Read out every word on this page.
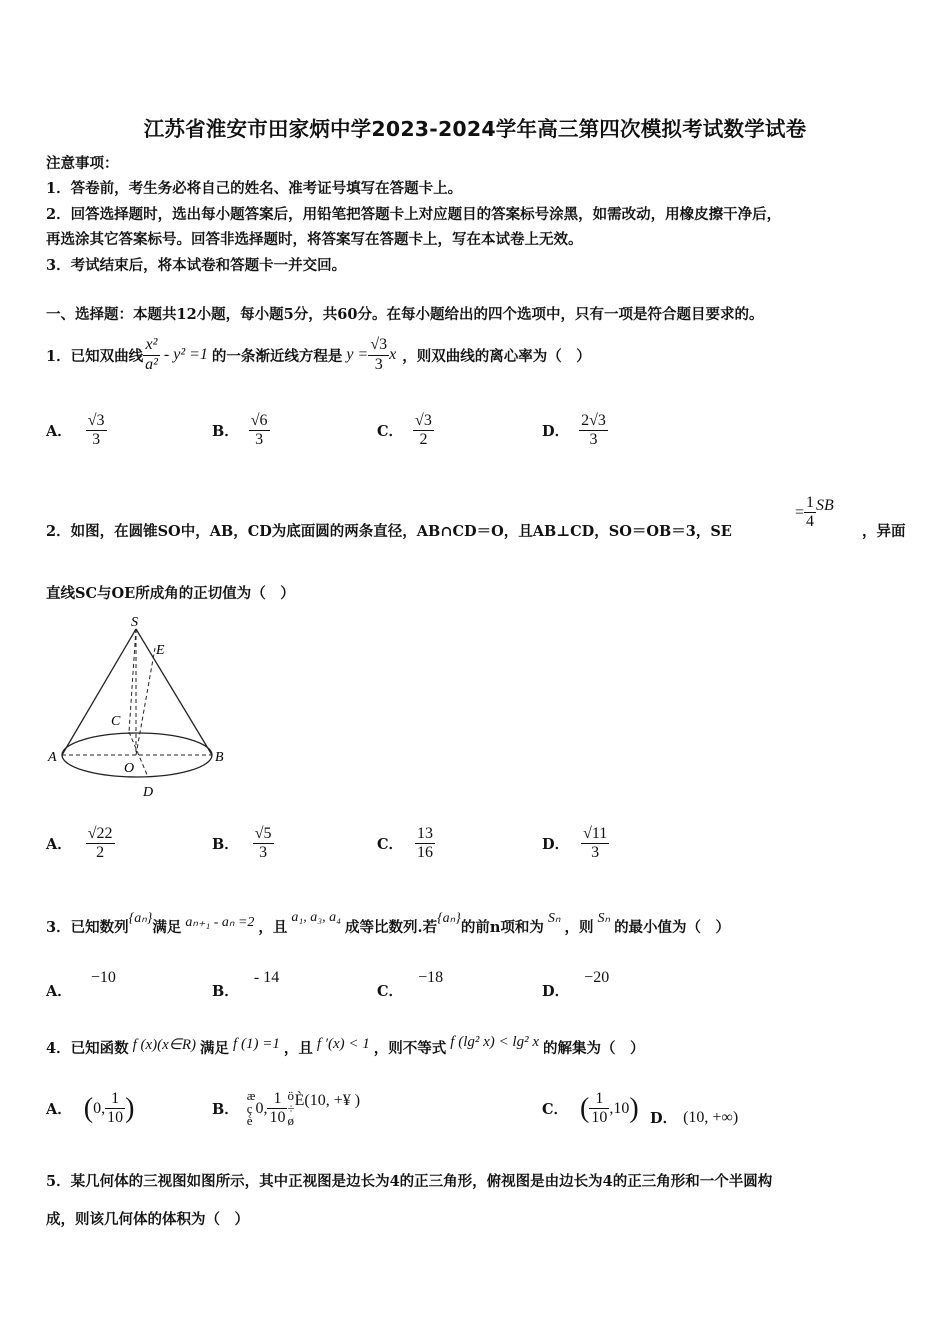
江苏省淮安市田家炳中学2023-2024学年高三第四次模拟考试数学试卷
注意事项：
1．答卷前，考生务必将自己的姓名、准考证号填写在答题卡上。
2．回答选择题时，选出每小题答案后，用铅笔把答题卡上对应题目的答案标号涂黑，如需改动，用橡皮擦干净后，
再选涂其它答案标号。回答非选择题时，将答案写在答题卡上，写在本试卷上无效。
3．考试结束后，将本试卷和答题卡一并交回。
一、选择题：本题共12小题，每小题5分，共60分。在每小题给出的四个选项中，只有一项是符合题目要求的。
1．已知双曲线 $\frac{\text{x²}}{\text{a²}} - y^2 =1$ 的一条渐近线方程是 $y = \frac{√3}{3}$ x ，则双曲线的离心率为（　）
A． $\frac{√3}{3}$	B． $\frac{√6}{3}$	C． $\frac{√3}{2}$	D． $\frac{2√3}{3}$
2．如图，在圆锥SO中，AB，CD为底面圆的两条直径，AB∩CD＝O，且AB⊥CD，SO＝OB＝3，SE
= $\frac{1}{4}$ SB
，异面
直线SC与OE所成角的正切值为（　）
S
E
C
A	B
O
D
A． $\frac{√22}{2}$	B． $\frac{√5}{3}$	C． $\frac{13}{16}$	D． $\frac{√11}{3}$
3．已知数列
{aₙ}
满足 aₙ₊₁ - aₙ =2 ，且
a₁, a₃, a₄
成等比数列.若
{aₙ}
的前n项和为
Sₙ
，则
Sₙ
的最小值为（　）
A． −10
B． - 14
C． −18
D． −20
4．已知函数 f (x)(x∈R) 满足 f (1) =1 ，且 f ′(x) < 1 ，则不等式 f (lg² x) < lg² x 的解集为（　）
A． ( 0, $\frac{1}{10}$ )	B．
æ
ç
è
0, $\frac{1}{10}$ ö
÷
ø
È (10, +¥ )
C． ( $\frac{1}{10} ,10$ ) D． (10, +∞)
5．某几何体的三视图如图所示，其中正视图是边长为4的正三角形，俯视图是由边长为4的正三角形和一个半圆构
成，则该几何体的体积为（　）
